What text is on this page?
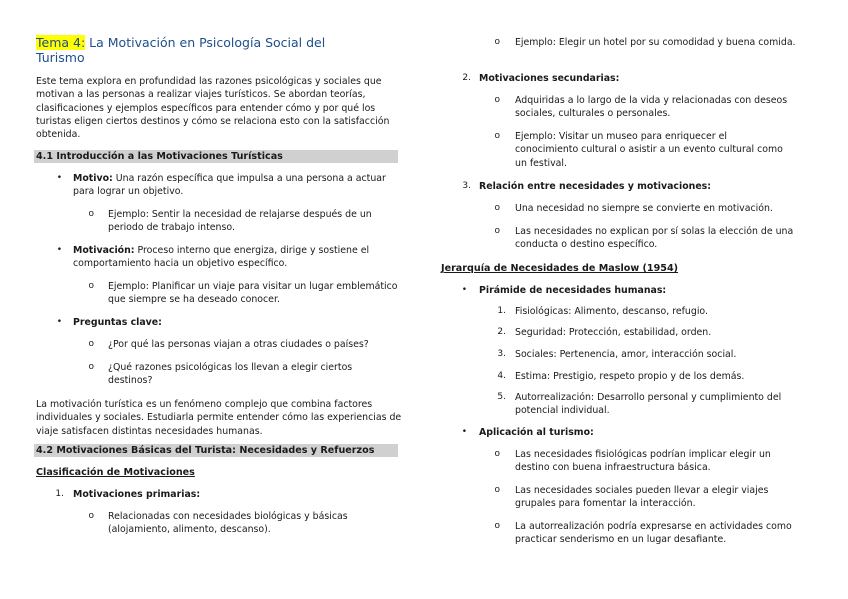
Tema 4: La Motivación en Psicología Social del Turismo
Este tema explora en profundidad las razones psicológicas y sociales que motivan a las personas a realizar viajes turísticos. Se abordan teorías, clasificaciones y ejemplos específicos para entender cómo y por qué los turistas eligen ciertos destinos y cómo se relaciona esto con la satisfacción obtenida.
4.1 Introducción a las Motivaciones Turísticas
• Motivo: Una razón específica que impulsa a una persona a actuar para lograr un objetivo.
o Ejemplo: Sentir la necesidad de relajarse después de un periodo de trabajo intenso.
• Motivación: Proceso interno que energiza, dirige y sostiene el comportamiento hacia un objetivo específico.
o Ejemplo: Planificar un viaje para visitar un lugar emblemático que siempre se ha deseado conocer.
• Preguntas clave:
o ¿Por qué las personas viajan a otras ciudades o países?
o ¿Qué razones psicológicas los llevan a elegir ciertos destinos?
La motivación turística es un fenómeno complejo que combina factores individuales y sociales. Estudiarla permite entender cómo las experiencias de viaje satisfacen distintas necesidades humanas.
4.2 Motivaciones Básicas del Turista: Necesidades y Refuerzos
Clasificación de Motivaciones
1. Motivaciones primarias:
o Relacionadas con necesidades biológicas y básicas (alojamiento, alimento, descanso).
o Ejemplo: Elegir un hotel por su comodidad y buena comida.
2. Motivaciones secundarias:
o Adquiridas a lo largo de la vida y relacionadas con deseos sociales, culturales o personales.
o Ejemplo: Visitar un museo para enriquecer el conocimiento cultural o asistir a un evento cultural como un festival.
3. Relación entre necesidades y motivaciones:
o Una necesidad no siempre se convierte en motivación.
o Las necesidades no explican por sí solas la elección de una conducta o destino específico.
Jerarquía de Necesidades de Maslow (1954)
• Pirámide de necesidades humanas:
1. Fisiológicas: Alimento, descanso, refugio.
2. Seguridad: Protección, estabilidad, orden.
3. Sociales: Pertenencia, amor, interacción social.
4. Estima: Prestigio, respeto propio y de los demás.
5. Autorrealización: Desarrollo personal y cumplimiento del potencial individual.
• Aplicación al turismo:
o Las necesidades fisiológicas podrían implicar elegir un destino con buena infraestructura básica.
o Las necesidades sociales pueden llevar a elegir viajes grupales para fomentar la interacción.
o La autorrealización podría expresarse en actividades como practicar senderismo en un lugar desafiante.
